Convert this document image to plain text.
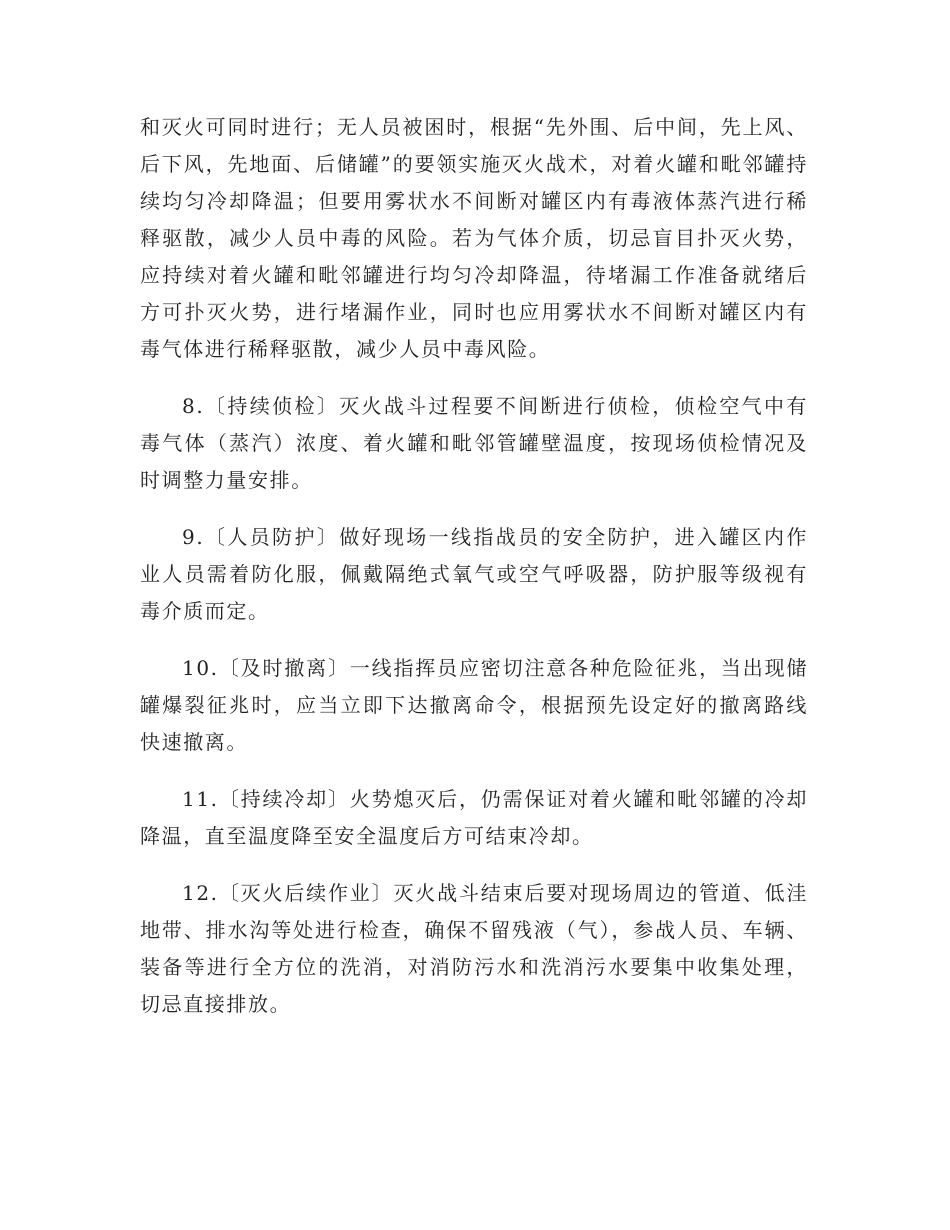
和灭火可同时进行；无人员被困时，根据“先外围、后中间，先上风、后下风，先地面、后储罐”的要领实施灭火战术，对着火罐和毗邻罐持续均匀冷却降温；但要用雾状水不间断对罐区内有毒液体蒸汽进行稀释驱散，减少人员中毒的风险。若为气体介质，切忌盲目扑灭火势，应持续对着火罐和毗邻罐进行均匀冷却降温，待堵漏工作准备就绪后方可扑灭火势，进行堵漏作业，同时也应用雾状水不间断对罐区内有毒气体进行稀释驱散，减少人员中毒风险。

8.〔持续侦检〕灭火战斗过程要不间断进行侦检，侦检空气中有毒气体（蒸汽）浓度、着火罐和毗邻管罐壁温度，按现场侦检情况及时调整力量安排。

9.〔人员防护〕做好现场一线指战员的安全防护，进入罐区内作业人员需着防化服，佩戴隔绝式氧气或空气呼吸器，防护服等级视有毒介质而定。

10.〔及时撤离〕一线指挥员应密切注意各种危险征兆，当出现储罐爆裂征兆时，应当立即下达撤离命令，根据预先设定好的撤离路线快速撤离。

11.〔持续冷却〕火势熄灭后，仍需保证对着火罐和毗邻罐的冷却降温，直至温度降至安全温度后方可结束冷却。

12.〔灭火后续作业〕灭火战斗结束后要对现场周边的管道、低洼地带、排水沟等处进行检查，确保不留残液（气），参战人员、车辆、装备等进行全方位的洗消，对消防污水和洗消污水要集中收集处理，切忌直接排放。
